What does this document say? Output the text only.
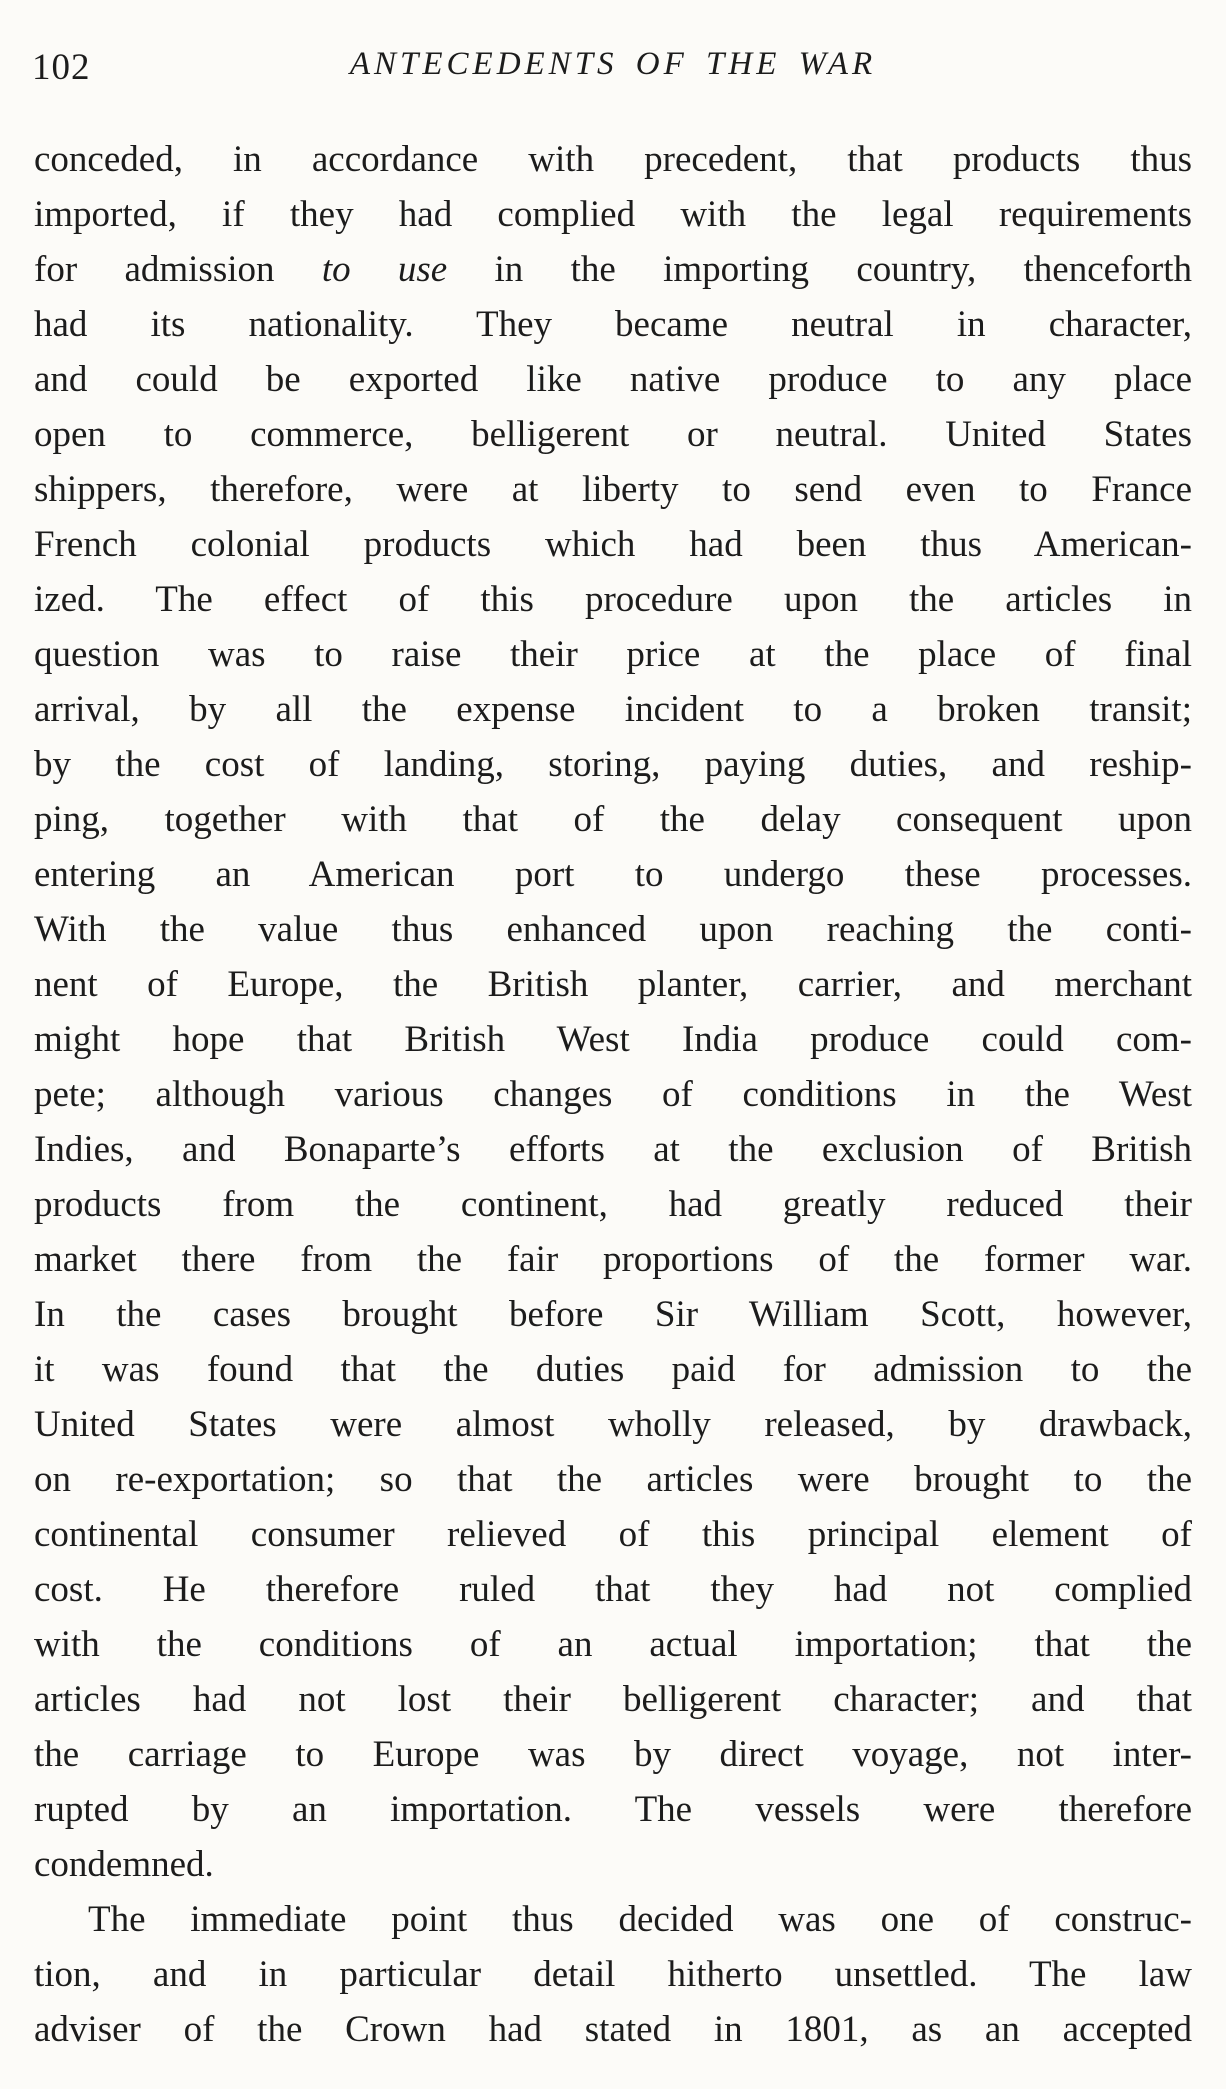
102	ANTECEDENTS OF THE WAR
conceded, in accordance with precedent, that products thus
imported, if they had complied with the legal requirements
for admission to use in the importing country, thenceforth
had its nationality. They became neutral in character,
and could be exported like native produce to any place
open to commerce, belligerent or neutral. United States
shippers, therefore, were at liberty to send even to France
French colonial products which had been thus American-
ized. The effect of this procedure upon the articles in
question was to raise their price at the place of final
arrival, by all the expense incident to a broken transit;
by the cost of landing, storing, paying duties, and reship-
ping, together with that of the delay consequent upon
entering an American port to undergo these processes.
With the value thus enhanced upon reaching the conti-
nent of Europe, the British planter, carrier, and merchant
might hope that British West India produce could com-
pete; although various changes of conditions in the West
Indies, and Bonaparte’s efforts at the exclusion of British
products from the continent, had greatly reduced their
market there from the fair proportions of the former war.
In the cases brought before Sir William Scott, however,
it was found that the duties paid for admission to the
United States were almost wholly released, by drawback,
on re-exportation; so that the articles were brought to the
continental consumer relieved of this principal element of
cost. He therefore ruled that they had not complied
with the conditions of an actual importation; that the
articles had not lost their belligerent character; and that
the carriage to Europe was by direct voyage, not inter-
rupted by an importation. The vessels were therefore
condemned.
The immediate point thus decided was one of construc-
tion, and in particular detail hitherto unsettled. The law
adviser of the Crown had stated in 1801, as an accepted
